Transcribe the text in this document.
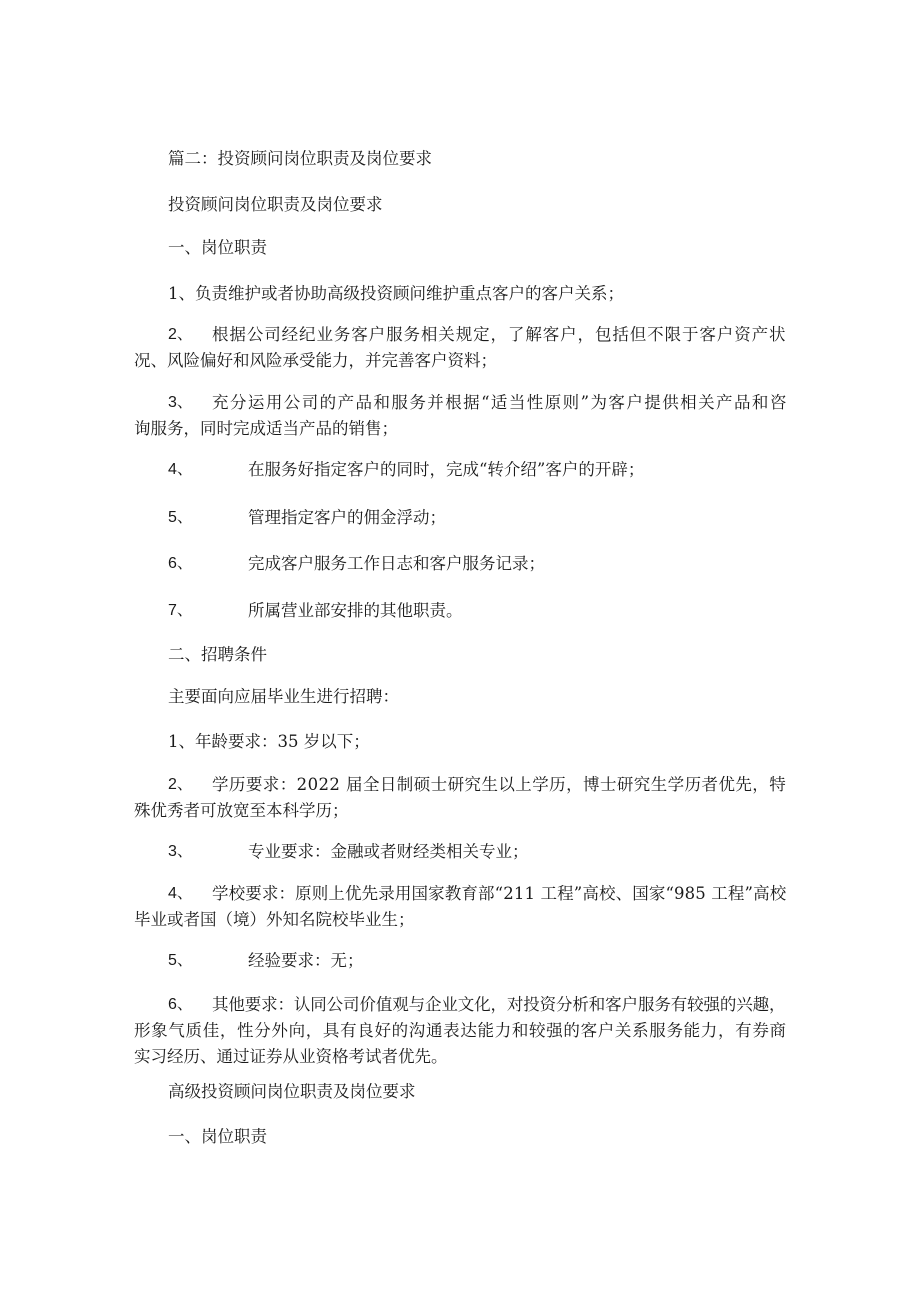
篇二：投资顾问岗位职责及岗位要求
投资顾问岗位职责及岗位要求
一、岗位职责
1、负责维护或者协助高级投资顾问维护重点客户的客户关系；
2、 根据公司经纪业务客户服务相关规定，了解客户，包括但不限于客户资产状
况、风险偏好和风险承受能力，并完善客户资料；
3、 充分运用公司的产品和服务并根据“适当性原则”为客户提供相关产品和咨
询服务，同时完成适当产品的销售；
4、	在服务好指定客户的同时，完成“转介绍”客户的开辟；
5、	管理指定客户的佣金浮动；
6、	完成客户服务工作日志和客户服务记录；
7、	所属营业部安排的其他职责。
二、招聘条件
主要面向应届毕业生进行招聘：
1、年龄要求：35 岁以下；
2、 学历要求：2022 届全日制硕士研究生以上学历，博士研究生学历者优先，特
殊优秀者可放宽至本科学历；
3、	专业要求：金融或者财经类相关专业；
4、 学校要求：原则上优先录用国家教育部“211 工程”高校、国家“985 工程”高校
毕业或者国（境）外知名院校毕业生；
5、	经验要求：无；
6、 其他要求：认同公司价值观与企业文化，对投资分析和客户服务有较强的兴趣，
形象气质佳，性分外向，具有良好的沟通表达能力和较强的客户关系服务能力，有券商
实习经历、通过证券从业资格考试者优先。
高级投资顾问岗位职责及岗位要求
一、岗位职责
